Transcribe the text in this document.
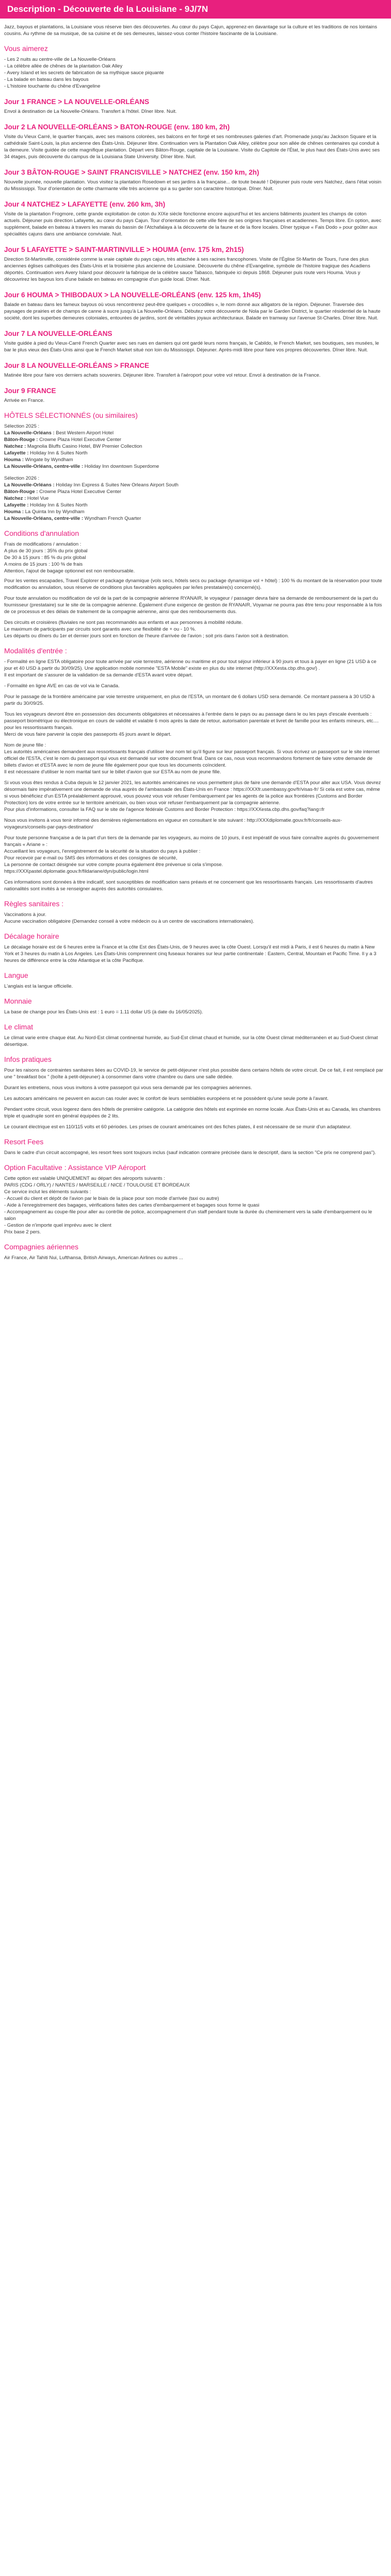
Description - Découverte de la Louisiane - 9J/7N

Jazz, bayous et plantations, la Louisiane vous réserve bien des découvertes. Au cœur du pays Cajun, apprenez-en davantage sur la culture et les traditions de nos lointains cousins. Au rythme de sa musique, de sa cuisine et de ses demeures, laissez-vous conter l'histoire fascinante de la Louisiane.

Vous aimerez
- Les 2 nuits au centre-ville de La Nouvelle-Orléans
- La célèbre allée de chênes de la plantation Oak Alley
- Avery Island et les secrets de fabrication de sa mythique sauce piquante
- La balade en bateau dans les bayous
- L'histoire touchante du chêne d'Evangeline
Jour 1 FRANCE > LA NOUVELLE-ORLÉANS

Envol à destination de La Nouvelle-Orléans. Transfert à l'hôtel. Dîner libre. Nuit.

Jour 2 LA NOUVELLE-ORLÉANS > BATON-ROUGE (env. 180 km, 2h)

Visite du Vieux Carré, le quartier français, avec ses maisons colorées, ses balcons en fer forgé et ses nombreuses galeries d'art. Promenade jusqu'au Jackson Square et la cathédrale Saint-Louis, la plus ancienne des États-Unis. Déjeuner libre. Continuation vers la Plantation Oak Alley, célèbre pour son allée de chênes centenaires qui conduit à la demeure. Visite guidée de cette magnifique plantation. Départ vers Bâton-Rouge, capitale de la Louisiane. Visite du Capitole de l'État, le plus haut des États-Unis avec ses 34 étages, puis découverte du campus de la Louisiana State University. Dîner libre. Nuit.

Jour 3 BÂTON-ROUGE > SAINT FRANCISVILLE > NATCHEZ (env. 150 km, 2h)

Nouvelle journée, nouvelle plantation. Vous visitez la plantation Rosedown et ses jardins à la française... de toute beauté ! Déjeuner puis route vers Natchez, dans l'état voisin du Mississippi. Tour d'orientation de cette charmante ville très ancienne qui a su garder son caractère historique. Dîner. Nuit.

Jour 4 NATCHEZ > LAFAYETTE (env. 260 km, 3h)

Visite de la plantation Frogmore, cette grande exploitation de coton du XIXe siècle fonctionne encore aujourd'hui et les anciens bâtiments jouxtent les champs de coton actuels. Déjeuner puis direction Lafayette, au cœur du pays Cajun. Tour d'orientation de cette ville fière de ses origines françaises et acadiennes. Temps libre. En option, avec supplément, balade en bateau à travers les marais du bassin de l'Atchafalaya à la découverte de la faune et de la flore locales. Dîner typique « Fais Dodo » pour goûter aux spécialités cajuns dans une ambiance conviviale. Nuit.

Jour 5 LAFAYETTE > SAINT-MARTINVILLE > HOUMA (env. 175 km, 2h15)

Direction St-Martinville, considérée comme la vraie capitale du pays cajun, très attachée à ses racines francophones. Visite de l'Église St-Martin de Tours, l'une des plus anciennes églises catholiques des États-Unis et la troisième plus ancienne de Louisiane. Découverte du chêne d'Evangeline, symbole de l'histoire tragique des Acadiens déportés. Continuation vers Avery Island pour découvrir la fabrique de la célèbre sauce Tabasco, fabriquée ici depuis 1868. Déjeuner puis route vers Houma. Vous y découvrirez les bayous lors d'une balade en bateau en compagnie d'un guide local. Dîner. Nuit.

Jour 6 HOUMA > THIBODAUX > LA NOUVELLE-ORLÉANS (env. 125 km, 1h45)

Balade en bateau dans les fameux bayous où vous rencontrerez peut-être quelques « crocodiles », le nom donné aux alligators de la région. Déjeuner. Traversée des paysages de prairies et de champs de canne à sucre jusqu'à La Nouvelle-Orléans. Débutez votre découverte de Nola par le Garden District, le quartier résidentiel de la haute société, dont les superbes demeures coloniales, entourées de jardins, sont de véritables joyaux architecturaux. Balade en tramway sur l'avenue St-Charles. Dîner libre. Nuit.

Jour 7 LA NOUVELLE-ORLÉANS

Visite guidée à pied du Vieux-Carré French Quarter avec ses rues en damiers qui ont gardé leurs noms français, le Cabildo, le French Market, ses boutiques, ses musées, le bar le plus vieux des États-Unis ainsi que le French Market situé non loin du Mississippi. Déjeuner. Après-midi libre pour faire vos propres découvertes. Dîner libre. Nuit.

Jour 8 LA NOUVELLE-ORLÉANS > FRANCE

Matinée libre pour faire vos derniers achats souvenirs. Déjeuner libre. Transfert à l'aéroport pour votre vol retour. Envol à destination de la France.

Jour 9 FRANCE

Arrivée en France.

HÔTELS SÉLECTIONNÉS (ou similaires)

Sélection 2025 :

La Nouvelle-Orléans : Best Western Airport Hotel

Bâton-Rouge : Crowne Plaza Hotel Executive Center

Natchez : Magnolia Bluffs Casino Hotel, BW Premier Collection

Lafayette : Holiday Inn & Suites North

Houma : Wingate by Wyndham

La Nouvelle-Orléans, centre-ville : Holiday Inn downtown Superdome

Sélection 2026 :

La Nouvelle-Orléans : Holiday Inn Express & Suites New Orleans Airport South

Bâton-Rouge : Crowne Plaza Hotel Executive Center

Natchez : Hotel Vue

Lafayette : Holiday Inn & Suites North

Houma : La Quinta Inn by Wyndham

La Nouvelle-Orléans, centre-ville : Wyndham French Quarter

Conditions d'annulation

Frais de modifications / annulation :

A plus de 30 jours : 35% du prix global

De 30 à 15 jours : 85 % du prix global

A moins de 15 jours : 100 % de frais

Attention, l'ajout de bagage optionnel est non remboursable.

Pour les ventes escapades, Travel Explorer et package dynamique (vols secs, hôtels secs ou package dynamique vol + hôtel) : 100 % du montant de la réservation pour toute modification ou annulation, sous réserve de conditions plus favorables appliquées par le/les prestataire(s) concerné(s).

Pour toute annulation ou modification de vol de la part de la compagnie aérienne RYANAIR, le voyageur / passager devra faire sa demande de remboursement de la part du fournisseur (prestataire) sur le site de la compagnie aérienne. Également d'une exigence de gestion de RYANAIR, Voyamar ne pourra pas être tenu pour responsable à la fois de ce processus et des délais de traitement de la compagnie aérienne, ainsi que des remboursements dus.

Des circuits et croisières (fluviales ne sont pas recommandés aux enfants et aux personnes à mobilité réduite.

Le maximum de participants par circuits sont garantis avec une flexibilité de + ou - 10 %.

Les départs ou dîners du 1er et dernier jours sont en fonction de l'heure d'arrivée de l'avion ; soit pris dans l'avion soit à destination.

Modalités d'entrée :

- Formalité en ligne ESTA obligatoire pour toute arrivée par voie terrestre, aérienne ou maritime et pour tout séjour inférieur à 90 jours et tous à payer en ligne (21 USD à ce jour et 40 USD à partir du 30/09/25). Une application mobile nommée "ESTA Mobile" existe en plus du site internet (http://XXXesta.cbp.dhs.gov/) .

Il est important de s'assurer de la validation de sa demande d'ESTA avant votre départ.

- Formalité en ligne AVE en cas de vol via le Canada.

Pour le passage de la frontière américaine par voie terrestre uniquement, en plus de l'ESTA, un montant de 6 dollars USD sera demandé. Ce montant passera à 30 USD à partir du 30/09/25.

Tous les voyageurs devront être en possession des documents obligatoires et nécessaires à l'entrée dans le pays ou au passage dans le ou les pays d'escale éventuels : passeport biométrique ou électronique en cours de validité et valable 6 mois après la date de retour, autorisation parentale et livret de famille pour les enfants mineurs, etc.... pour les ressortissants français.

Merci de vous faire parvenir la copie des passeports 45 jours avant le départ.

Nom de jeune fille :

Les autorités américaines demandent aux ressortissants français d'utiliser leur nom tel qu'il figure sur leur passeport français. Si vous écrivez un passeport sur le site internet officiel de l'ESTA, c'est le nom du passeport qui vous est demandé sur votre document final. Dans ce cas, nous vous recommandons fortement de faire votre demande de billets d'avion et d'ESTA avec le nom de jeune fille également pour que tous les documents coïncident.

Il est nécessaire d'utiliser le nom marital tant sur le billet d'avion que sur ESTA au nom de jeune fille.

Si vous vous êtes rendus à Cuba depuis le 12 janvier 2021, les autorités américaines ne vous permettent plus de faire une demande d'ESTA pour aller aux USA. Vous devrez désormais faire impérativement une demande de visa auprès de l'ambassade des États-Unis en France : https://XXXfr.usembassy.gov/fr/visas-fr/ Si cela est votre cas, même si vous bénéficiez d'un ESTA préalablement approuvé, vous pouvez vous voir refuser l'embarquement par les agents de la police aux frontières (Customs and Border Protection) lors de votre entrée sur le territoire américain, ou bien vous voir refuser l'embarquement par la compagnie aérienne.

Pour plus d'informations, consulter la FAQ sur le site de l'agence fédérale Customs and Border Protection : https://XXXesta.cbp.dhs.gov/faq?lang=fr

Nous vous invitons à vous tenir informé des dernières réglementations en vigueur en consultant le site suivant : http://XXXdiplomatie.gouv.fr/fr/conseils-aux-voyageurs/conseils-par-pays-destination/

Pour toute personne française a de la part d'un tiers de la demande par les voyageurs, au moins de 10 jours, il est impératif de vous faire connaître auprès du gouvernement français « Ariane » :

Accueillant les voyageurs, l'enregistrement de la sécurité de la situation du pays à publier :

Pour recevoir par e-mail ou SMS des informations et des consignes de sécurité,

La personne de contact désignée sur votre compte pourra également être prévenue si cela s'impose.

https://XXXpastel.diplomatie.gouv.fr/fildariane/dyn/public/login.html

Ces informations sont données à titre indicatif, sont susceptibles de modification sans préavis et ne concernent que les ressortissants français. Les ressortissants d'autres nationalités sont invités à se renseigner auprès des autorités consulaires.

Règles sanitaires :

Vaccinations à jour.

Aucune vaccination obligatoire (Demandez conseil à votre médecin ou à un centre de vaccinations internationales).

Décalage horaire

Le décalage horaire est de 6 heures entre la France et la côte Est des États-Unis, de 9 heures avec la côte Ouest. Lorsqu'il est midi à Paris, il est 6 heures du matin à New York et 3 heures du matin à Los Angeles. Les États-Unis comprennent cinq fuseaux horaires sur leur partie continentale : Eastern, Central, Mountain et Pacific Time. Il y a 3 heures de différence entre la côte Atlantique et la côte Pacifique.

Langue

L'anglais est la langue officielle.

Monnaie

La base de change pour les États-Unis est : 1 euro = 1.11 dollar US (à date du 16/05/2025).

Le climat

Le climat varie entre chaque état. Au Nord-Est climat continental humide, au Sud-Est climat chaud et humide, sur la côte Ouest climat méditerranéen et au Sud-Ouest climat désertique.

Infos pratiques

Pour les raisons de contraintes sanitaires liées au COVID-19, le service de petit-déjeuner n'est plus possible dans certains hôtels de votre circuit. De ce fait, il est remplacé par une " breakfast box " (boîte à petit-déjeuner) à consommer dans votre chambre ou dans une salle dédiée.

Durant les entretiens, nous vous invitons à votre passeport qui vous sera demandé par les compagnies aériennes.

Les autocars américains ne peuvent en aucun cas rouler avec le confort de leurs semblables européens et ne possèdent qu'une seule porte à l'avant.

Pendant votre circuit, vous logerez dans des hôtels de première catégorie. La catégorie des hôtels est exprimée en norme locale. Aux États-Unis et au Canada, les chambres triple et quadruple sont en général équipées de 2 lits.

Le courant électrique est en 110/115 volts et 60 périodes. Les prises de courant américaines ont des fiches plates, il est nécessaire de se munir d'un adaptateur.

Resort Fees

Dans le cadre d'un circuit accompagné, les resort fees sont toujours inclus (sauf indication contraire précisée dans le descriptif, dans la section "Ce prix ne comprend pas").

Option Facultative : Assistance VIP Aéroport

Cette option est valable UNIQUEMENT au départ des aéroports suivants :

PARIS (CDG / ORLY) / NANTES / MARSEILLE / NICE / TOULOUSE ET BORDEAUX

Ce service inclut les éléments suivants :

- Accueil du client et dépôt de l'avion par le biais de la place pour son mode d'arrivée (taxi ou autre)

- Aide à l'enregistrement des bagages, vérifications faites des cartes d'embarquement et bagages sous forme le quasi

- Accompagnement au coupe-file pour aller au contrôle de police, accompagnement d'un staff pendant toute la durée du cheminement vers la salle d'embarquement ou le salon

- Gestion de n'importe quel imprévu avec le client

Prix base 2 pers.

Compagnies aériennes

Air France, Air Tahiti Nui, Lufthansa, British Airways, American Airlines ou autres ...
